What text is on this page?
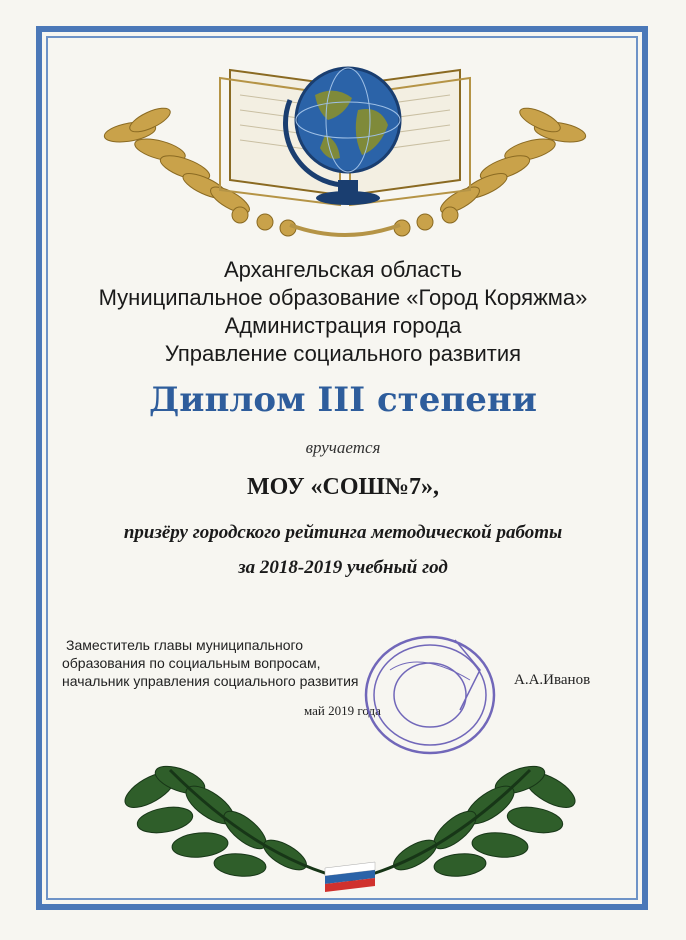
Архангельская область
Муниципальное образование «Город Коряжма»
Администрация города
Управление социального развития
Диплом III степени
вручается
МОУ «СОШ№7»,
призёру городского рейтинга методической работы
за 2018-2019 учебный год
Заместитель главы муниципального
образования по социальным вопросам,
начальник управления социального развития	А.А.Иванов
май 2019 года
